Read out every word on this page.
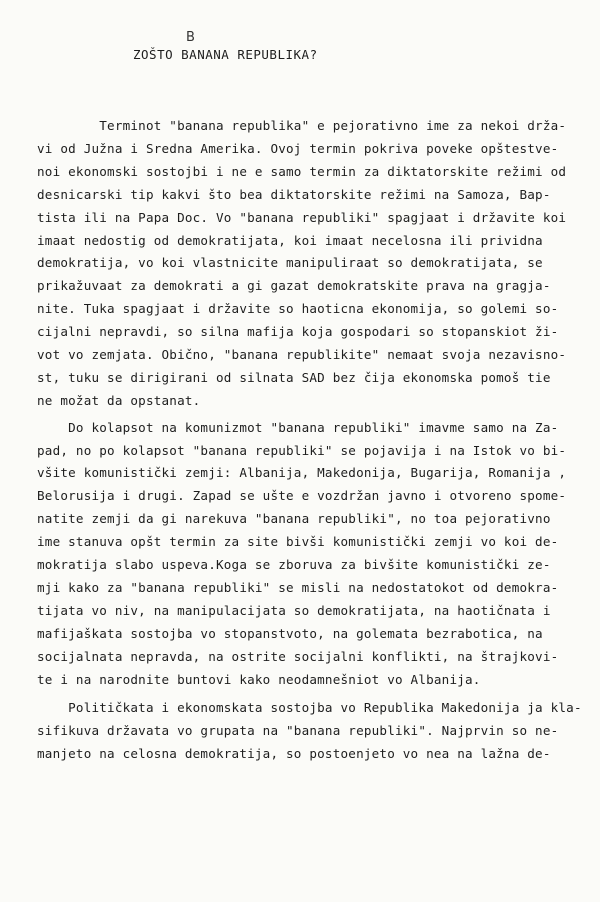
B
ZOŠTO BANANA REPUBLIKA?
Terminot "banana republika" e pejorativno ime za nekoi drža-
vi od Južna i Sredna Amerika. Ovoj termin pokriva poveke opštestve-
noi ekonomski sostojbi i ne e samo termin za diktatorskite režimi od
desnicarski tip kakvi što bea diktatorskite režimi na Samoza, Bap-
tista ili na Papa Doc. Vo "banana republiki" spagjaat i državite koi
imaat nedostig od demokratijata, koi imaat necelosna ili prividna
demokratija, vo koi vlastnicite manipuliraat so demokratijata, se
prikažuvaat za demokrati a gi gazat demokratskite prava na gragja-
nite. Tuka spagjaat i državite so haoticna ekonomija, so golemi so-
cijalni nepravdi, so silna mafija koja gospodari so stopanskiot ži-
vot vo zemjata. Obično, "banana republikite" nemaat svoja nezavisno-
st, tuku se dirigirani od silnata SAD bez čija ekonomska pomoš tie
ne možat da opstanat.
Do kolapsot na komunizmot "banana republiki" imavme samo na Za-
pad, no po kolapsot "banana republiki" se pojavija i na Istok vo bi-
všite komunistički zemji: Albanija, Makedonija, Bugarija, Romanija ,
Belorusija i drugi. Zapad se ušte e vozdržan javno i otvoreno spome-
natite zemji da gi narekuva "banana republiki", no toa pejorativno
ime stanuva opšt termin za site bivši komunistički zemji vo koi de-
mokratija slabo uspeva.Koga se zboruva za bivšite komunistički ze-
mji kako za "banana republiki" se misli na nedostatokot od demokra-
tijata vo niv, na manipulacijata so demokratijata, na haotičnata i
mafijaškata sostojba vo stopanstvoto, na golemata bezrabotica, na
socijalnata nepravda, na ostrite socijalni konflikti, na štrajkovi-
te i na narodnite buntovi kako neodamnešniot vo Albanija.
Političkata i ekonomskata sostojba vo Republika Makedonija ja kla-
sifikuva državata vo grupata na "banana republiki". Najprvin so ne-
manjeto na celosna demokratija, so postoenjeto vo nea na lažna de-
